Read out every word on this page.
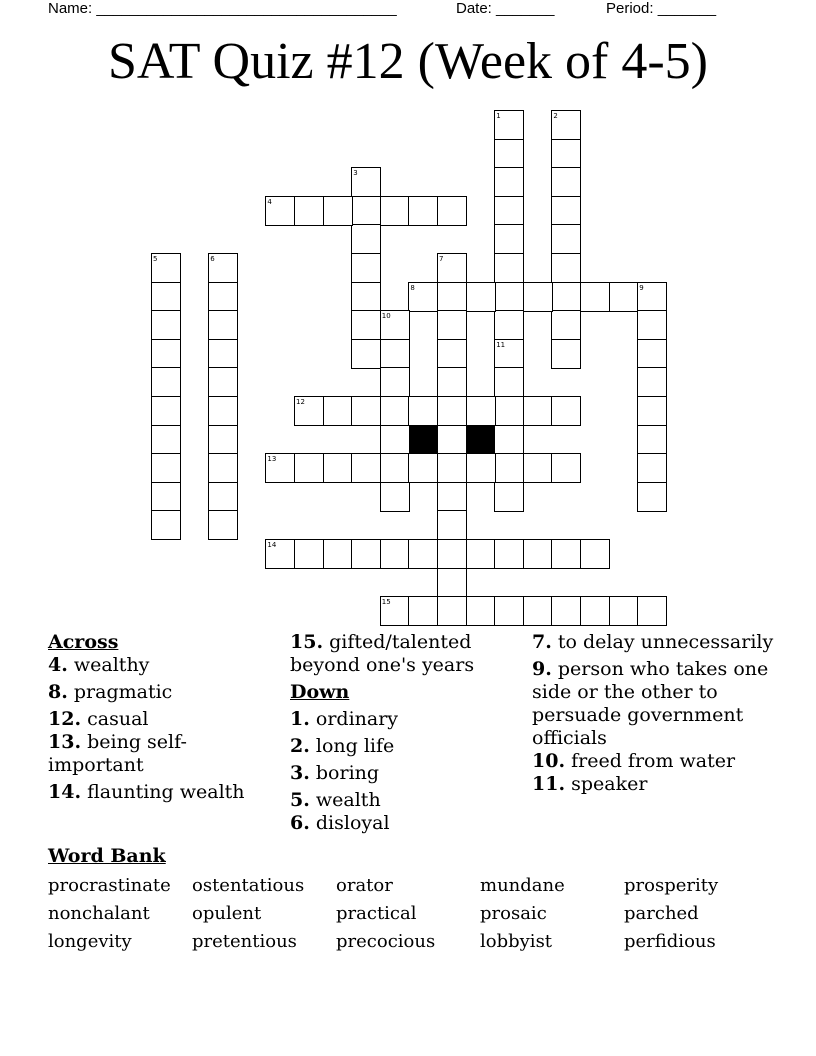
Name: ____________________________________	Date: _______	Period: _______
SAT Quiz #12 (Week of 4-5)
1
11
2
3
4
5	6	7
8	9
10
12
13
14
15
Across
4. wealthy
8. pragmatic
12. casual
13. being self-important
14. flaunting wealth
15. gifted/talented beyond one's years
Down
1. ordinary
2. long life
3. boring
5. wealth
6. disloyal
7. to delay unnecessarily
9. person who takes one side or the other to persuade government officials
10. freed from water
11. speaker
Word Bank
procrastinate ostentatious orator	mundane	prosperity
nonchalant opulent	practical	prosaic	parched
longevity	pretentious precocious lobbyist	perfidious
